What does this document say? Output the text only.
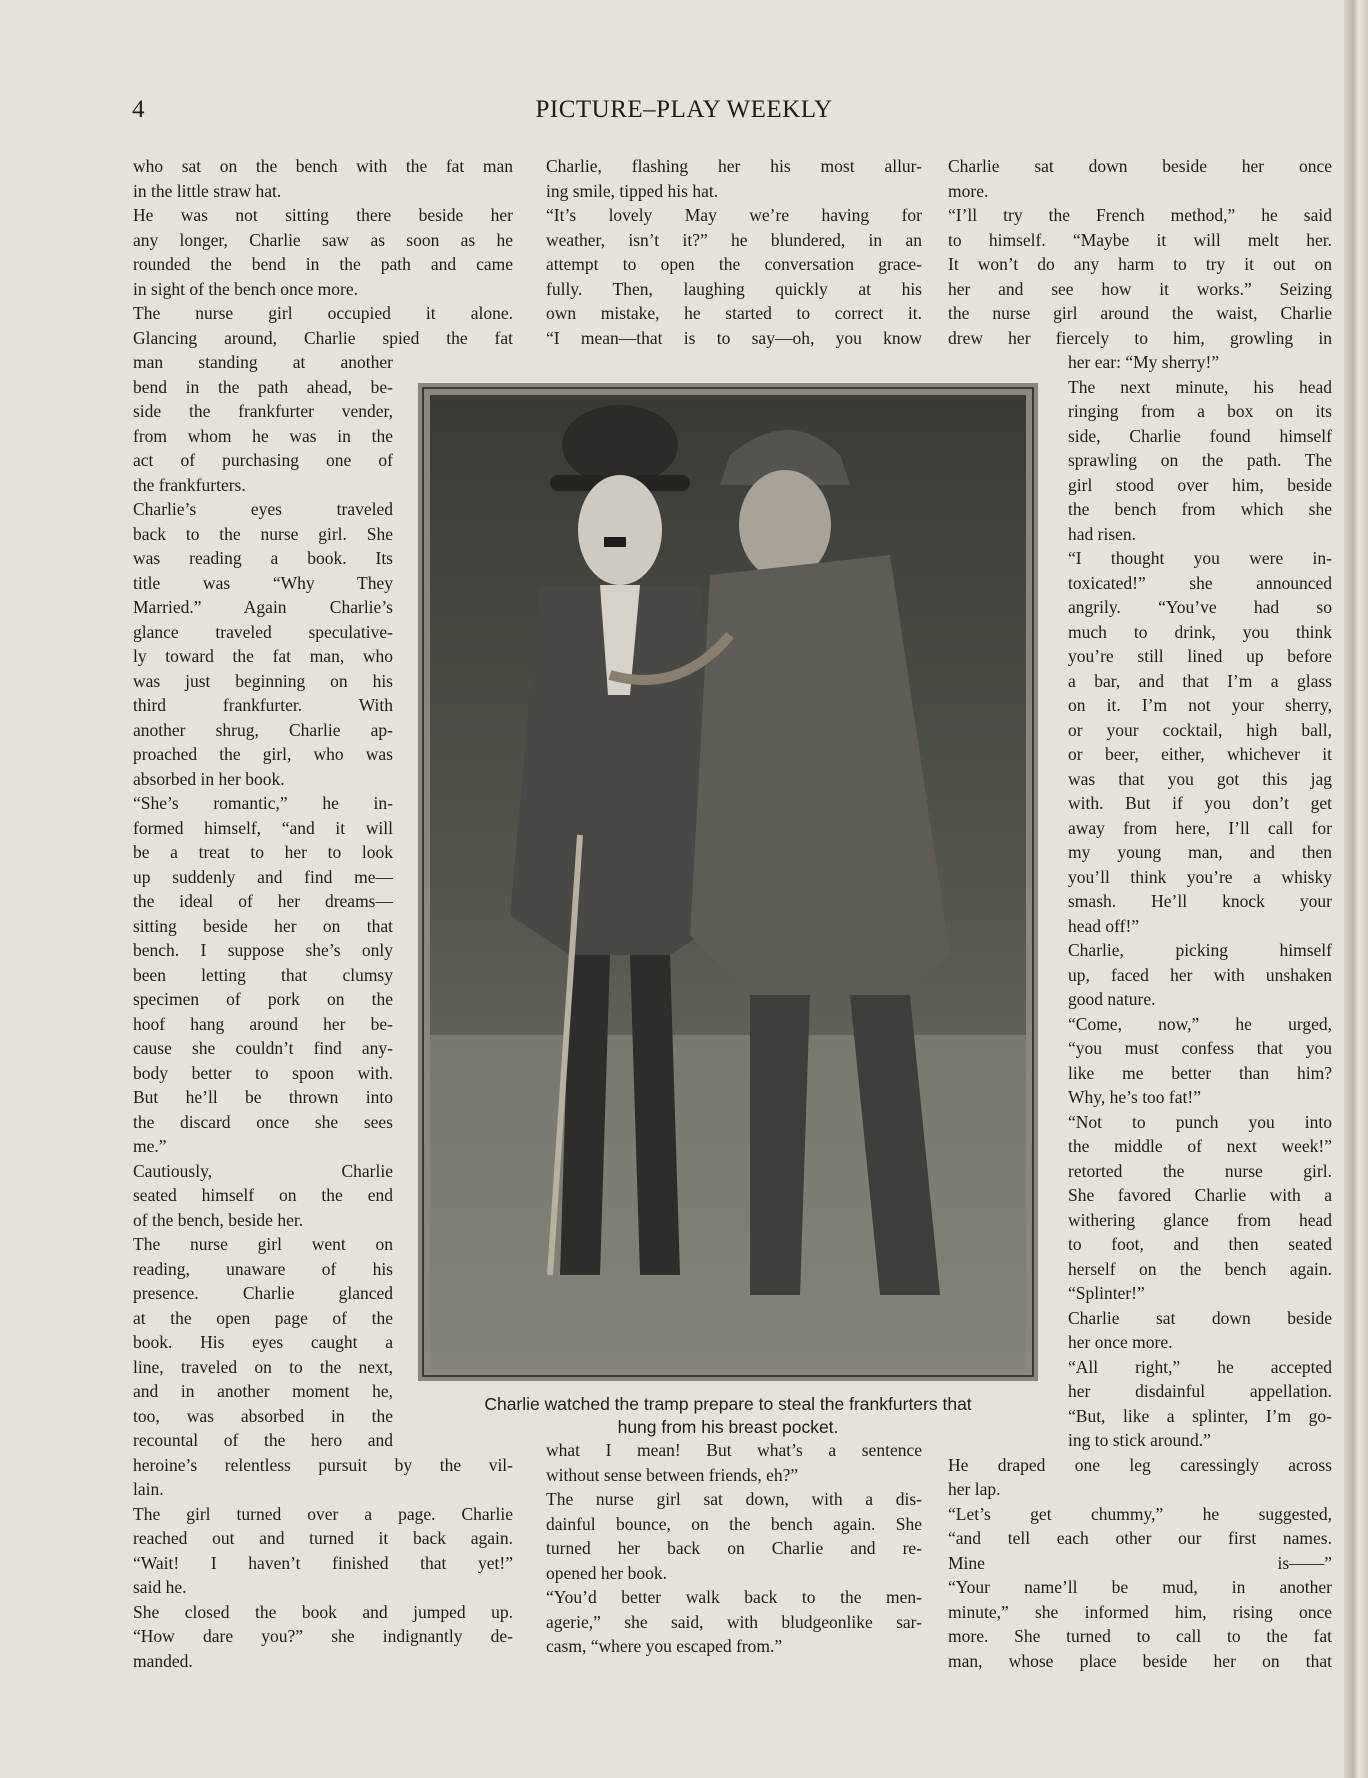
4	PICTURE–PLAY WEEKLY
who sat on the bench with the fat man
in the little straw hat.
He was not sitting there beside her
any longer, Charlie saw as soon as he
rounded the bend in the path and came
in sight of the bench once more.
The nurse girl occupied it alone.
Glancing around, Charlie spied the fat
man standing at another
bend in the path ahead, be-
side the frankfurter vender,
from whom he was in the
act of purchasing one of
the frankfurters.
Charlie’s eyes traveled
back to the nurse girl. She
was reading a book. Its
title was “Why They
Married.” Again Charlie’s
glance traveled speculative-
ly toward the fat man, who
was just beginning on his
third frankfurter. With
another shrug, Charlie ap-
proached the girl, who was
absorbed in her book.
“She’s romantic,” he in-
formed himself, “and it will
be a treat to her to look
up suddenly and find me—
the ideal of her dreams—
sitting beside her on that
bench. I suppose she’s only
been letting that clumsy
specimen of pork on the
hoof hang around her be-
cause she couldn’t find any-
body better to spoon with.
But he’ll be thrown into
the discard once she sees
me.”
Cautiously, Charlie
seated himself on the end
of the bench, beside her.
The nurse girl went on
reading, unaware of his
presence. Charlie glanced
at the open page of the
book. His eyes caught a
line, traveled on to the next,
and in another moment he,
too, was absorbed in the
recountal of the hero and
heroine’s relentless pursuit by the vil-
lain.
The girl turned over a page. Charlie
reached out and turned it back again.
“Wait! I haven’t finished that yet!”
said he.
She closed the book and jumped up.
“How dare you?” she indignantly de-
manded.
Charlie, flashing her his most allur-
ing smile, tipped his hat.
“It’s lovely May we’re having for
weather, isn’t it?” he blundered, in an
attempt to open the conversation grace-
fully. Then, laughing quickly at his
own mistake, he started to correct it.
“I mean—that is to say—oh, you know
what I mean! But what’s a sentence
without sense between friends, eh?”
The nurse girl sat down, with a dis-
dainful bounce, on the bench again. She
turned her back on Charlie and re-
opened her book.
“You’d better walk back to the men-
agerie,” she said, with bludgeonlike sar-
casm, “where you escaped from.”
Charlie sat down beside her once
more.
“I’ll try the French method,” he said
to himself. “Maybe it will melt her.
It won’t do any harm to try it out on
her and see how it works.” Seizing
the nurse girl around the waist, Charlie
drew her fiercely to him, growling in
her ear: “My sherry!”
The next minute, his head
ringing from a box on its
side, Charlie found himself
sprawling on the path. The
girl stood over him, beside
the bench from which she
had risen.
“I thought you were in-
toxicated!” she announced
angrily. “You’ve had so
much to drink, you think
you’re still lined up before
a bar, and that I’m a glass
on it. I’m not your sherry,
or your cocktail, high ball,
or beer, either, whichever it
was that you got this jag
with. But if you don’t get
away from here, I’ll call for
my young man, and then
you’ll think you’re a whisky
smash. He’ll knock your
head off!”
Charlie, picking himself
up, faced her with unshaken
good nature.
“Come, now,” he urged,
“you must confess that you
like me better than him?
Why, he’s too fat!”
“Not to punch you into
the middle of next week!”
retorted the nurse girl.
She favored Charlie with a
withering glance from head
to foot, and then seated
herself on the bench again.
“Splinter!”
Charlie sat down beside
her once more.
“All right,” he accepted
her disdainful appellation.
“But, like a splinter, I’m go-
ing to stick around.”
He draped one leg caressingly across
her lap.
“Let’s get chummy,” he suggested,
“and tell each other our first names.
Mine is——”
“Your name’ll be mud, in another
minute,” she informed him, rising once
more. She turned to call to the fat
man, whose place beside her on that
Charlie watched the tramp prepare to steal the frankfurters that
hung from his breast pocket.
